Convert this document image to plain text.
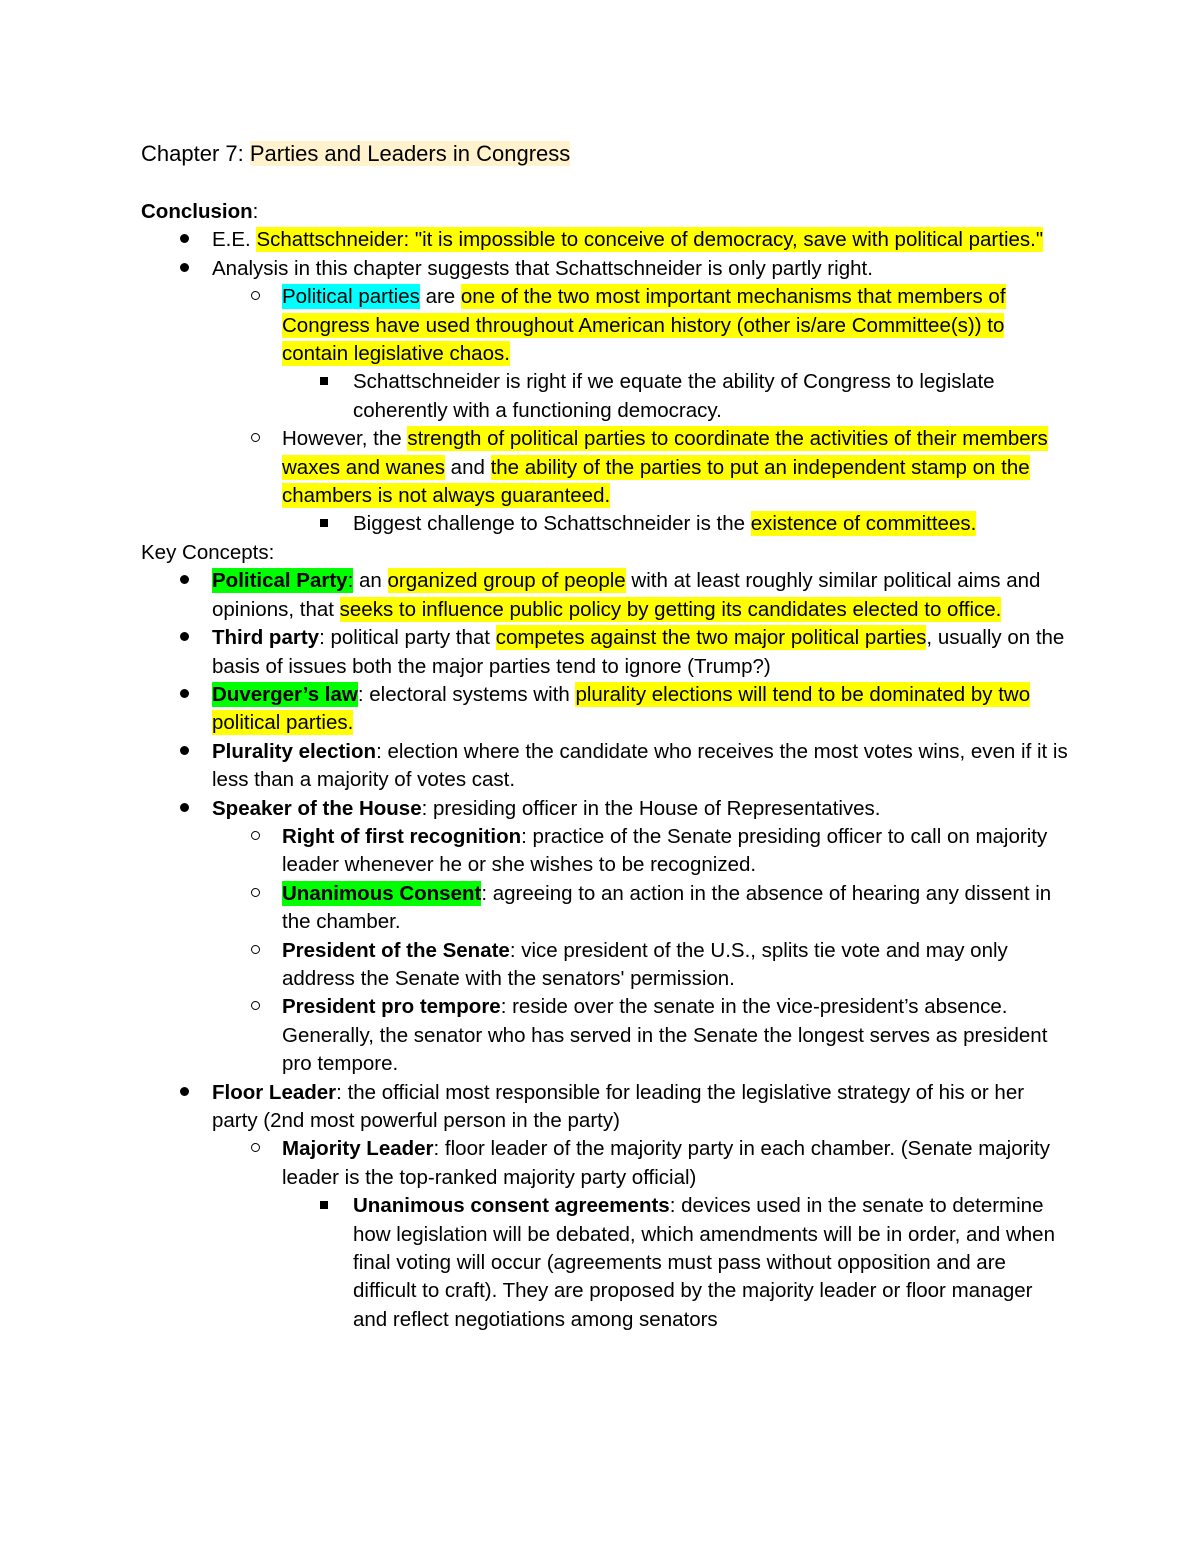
Chapter 7: Parties and Leaders in Congress
Conclusion:
E.E. Schattschneider: "it is impossible to conceive of democracy, save with political parties."
Analysis in this chapter suggests that Schattschneider is only partly right.
Political parties are one of the two most important mechanisms that members of Congress have used throughout American history (other is/are Committee(s)) to contain legislative chaos.
Schattschneider is right if we equate the ability of Congress to legislate coherently with a functioning democracy.
However, the strength of political parties to coordinate the activities of their members waxes and wanes and the ability of the parties to put an independent stamp on the chambers is not always guaranteed.
Biggest challenge to Schattschneider is the existence of committees.
Key Concepts:
Political Party: an organized group of people with at least roughly similar political aims and opinions, that seeks to influence public policy by getting its candidates elected to office.
Third party: political party that competes against the two major political parties, usually on the basis of issues both the major parties tend to ignore (Trump?)
Duverger’s law: electoral systems with plurality elections will tend to be dominated by two political parties.
Plurality election: election where the candidate who receives the most votes wins, even if it is less than a majority of votes cast.
Speaker of the House: presiding officer in the House of Representatives.
Right of first recognition: practice of the Senate presiding officer to call on majority leader whenever he or she wishes to be recognized.
Unanimous Consent: agreeing to an action in the absence of hearing any dissent in the chamber.
President of the Senate: vice president of the U.S., splits tie vote and may only address the Senate with the senators' permission.
President pro tempore: reside over the senate in the vice-president’s absence. Generally, the senator who has served in the Senate the longest serves as president pro tempore.
Floor Leader: the official most responsible for leading the legislative strategy of his or her party (2nd most powerful person in the party)
Majority Leader: floor leader of the majority party in each chamber. (Senate majority leader is the top-ranked majority party official)
Unanimous consent agreements: devices used in the senate to determine how legislation will be debated, which amendments will be in order, and when final voting will occur (agreements must pass without opposition and are difficult to craft). They are proposed by the majority leader or floor manager and reflect negotiations among senators
